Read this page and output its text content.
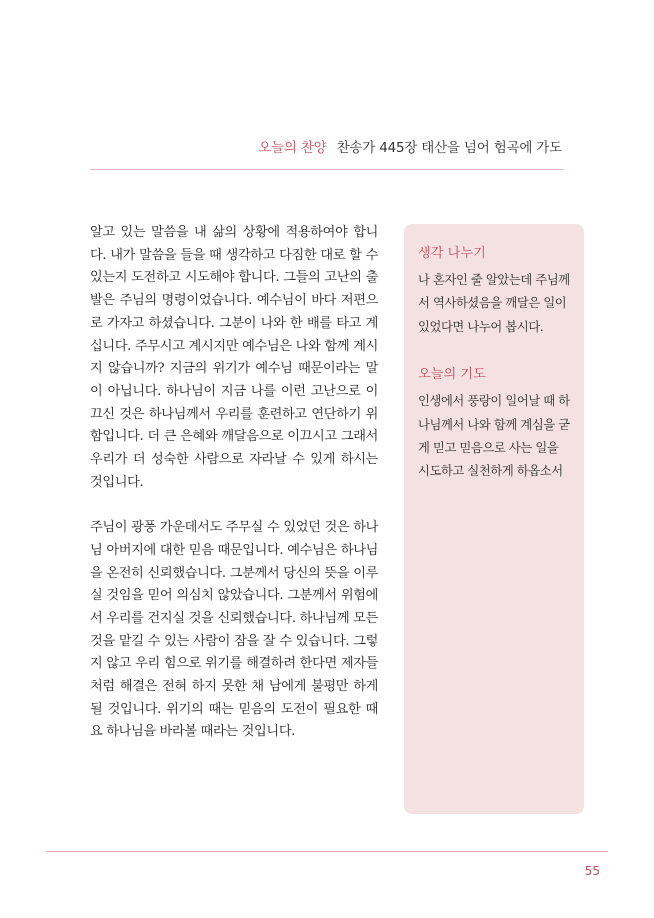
오늘의 찬양 찬송가 445장 태산을 넘어 험곡에 가도

알고 있는 말씀을 내 삶의 상황에 적용하여야 합니다. 내가 말씀을 들을 때 생각하고 다짐한 대로 할 수 있는지 도전하고 시도해야 합니다. 그들의 고난의 출발은 주님의 명령이었습니다. 예수님이 바다 저편으로 가자고 하셨습니다. 그분이 나와 한 배를 타고 계십니다. 주무시고 계시지만 예수님은 나와 함께 계시지 않습니까? 지금의 위기가 예수님 때문이라는 말이 아닙니다. 하나님이 지금 나를 이런 고난으로 이끄신 것은 하나님께서 우리를 훈련하고 연단하기 위함입니다. 더 큰 은혜와 깨달음으로 이끄시고 그래서 우리가 더 성숙한 사람으로 자라날 수 있게 하시는 것입니다.

주님이 광풍 가운데서도 주무실 수 있었던 것은 하나님 아버지에 대한 믿음 때문입니다. 예수님은 하나님을 온전히 신뢰했습니다. 그분께서 당신의 뜻을 이루실 것임을 믿어 의심치 않았습니다. 그분께서 위험에서 우리를 건지실 것을 신뢰했습니다. 하나님께 모든 것을 맡길 수 있는 사람이 잠을 잘 수 있습니다. 그렇지 않고 우리 힘으로 위기를 해결하려 한다면 제자들처럼 해결은 전혀 하지 못한 채 남에게 불평만 하게 될 것입니다. 위기의 때는 믿음의 도전이 필요한 때요 하나님을 바라볼 때라는 것입니다.

생각 나누기

나 혼자인 줄 알았는데 주님께서 역사하셨음을 깨달은 일이 있었다면 나누어 봅시다.

오늘의 기도

인생에서 풍랑이 일어날 때 하나님께서 나와 함께 계심을 굳게 믿고 믿음으로 사는 일을 시도하고 실천하게 하옵소서

55
